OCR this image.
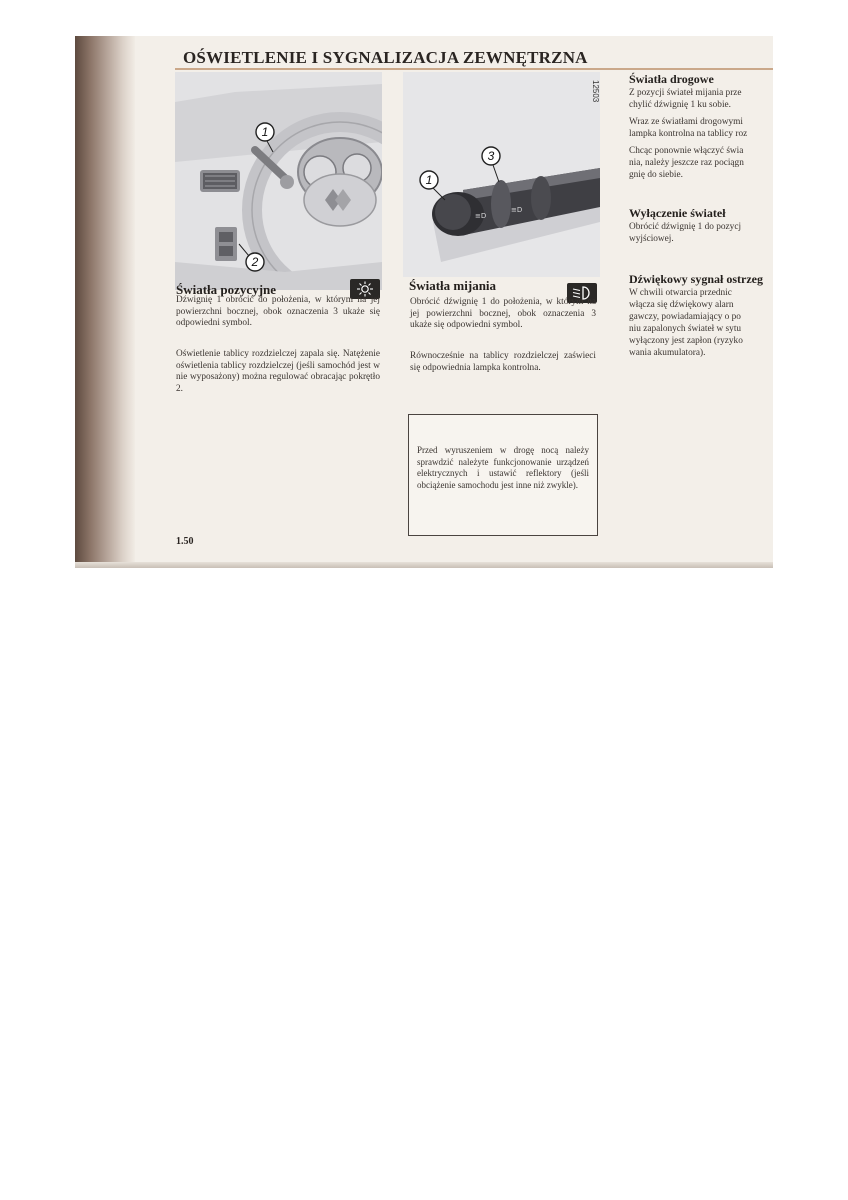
OŚWIETLENIE I SYGNALIZACJA ZEWNĘTRZNA
1
2
≡D
≡D
1
3
12503
Światła pozycyjne
Dźwignię 1 obrócić do położenia, w którym na jej powierzchni bocznej, obok oznaczenia 3 ukaże się odpowiedni symbol.
Oświetlenie tablicy rozdzielczej zapala się. Natężenie oświetlenia tablicy rozdzielczej (jeśli samochód jest w nie wyposażony) można regulować obracając pokrętło 2.
Światła mijania
Obrócić dźwignię 1 do położenia, w którym na jej powierzchni bocznej, obok oznaczenia 3 ukaże się odpowiedni symbol.
Równocześnie na tablicy rozdzielczej zaświeci się odpowiednia lampka kontrolna.
Przed wyruszeniem w drogę nocą należy sprawdzić należyte funkcjonowanie urządzeń elektrycznych i ustawić reflektory (jeśli obciążenie samochodu jest inne niż zwykle).
1.50
Światła drogowe
Z pozycji świateł mijania prze
chylić dźwignię 1 ku sobie.
Wraz ze światłami drogowymi
lampka kontrolna na tablicy roz
Chcąc ponownie włączyć świa
nia, należy jeszcze raz pociągn
gnię do siebie.
Wyłączenie świateł
Obrócić dźwignię 1 do pozycj
wyjściowej.
Dźwiękowy sygnał ostrzeg
W chwili otwarcia przednic
włącza się dźwiękowy alarn
gawczy, powiadamiający o po
niu zapalonych świateł w sytu
wyłączony jest zapłon (ryzyko
wania akumulatora).
